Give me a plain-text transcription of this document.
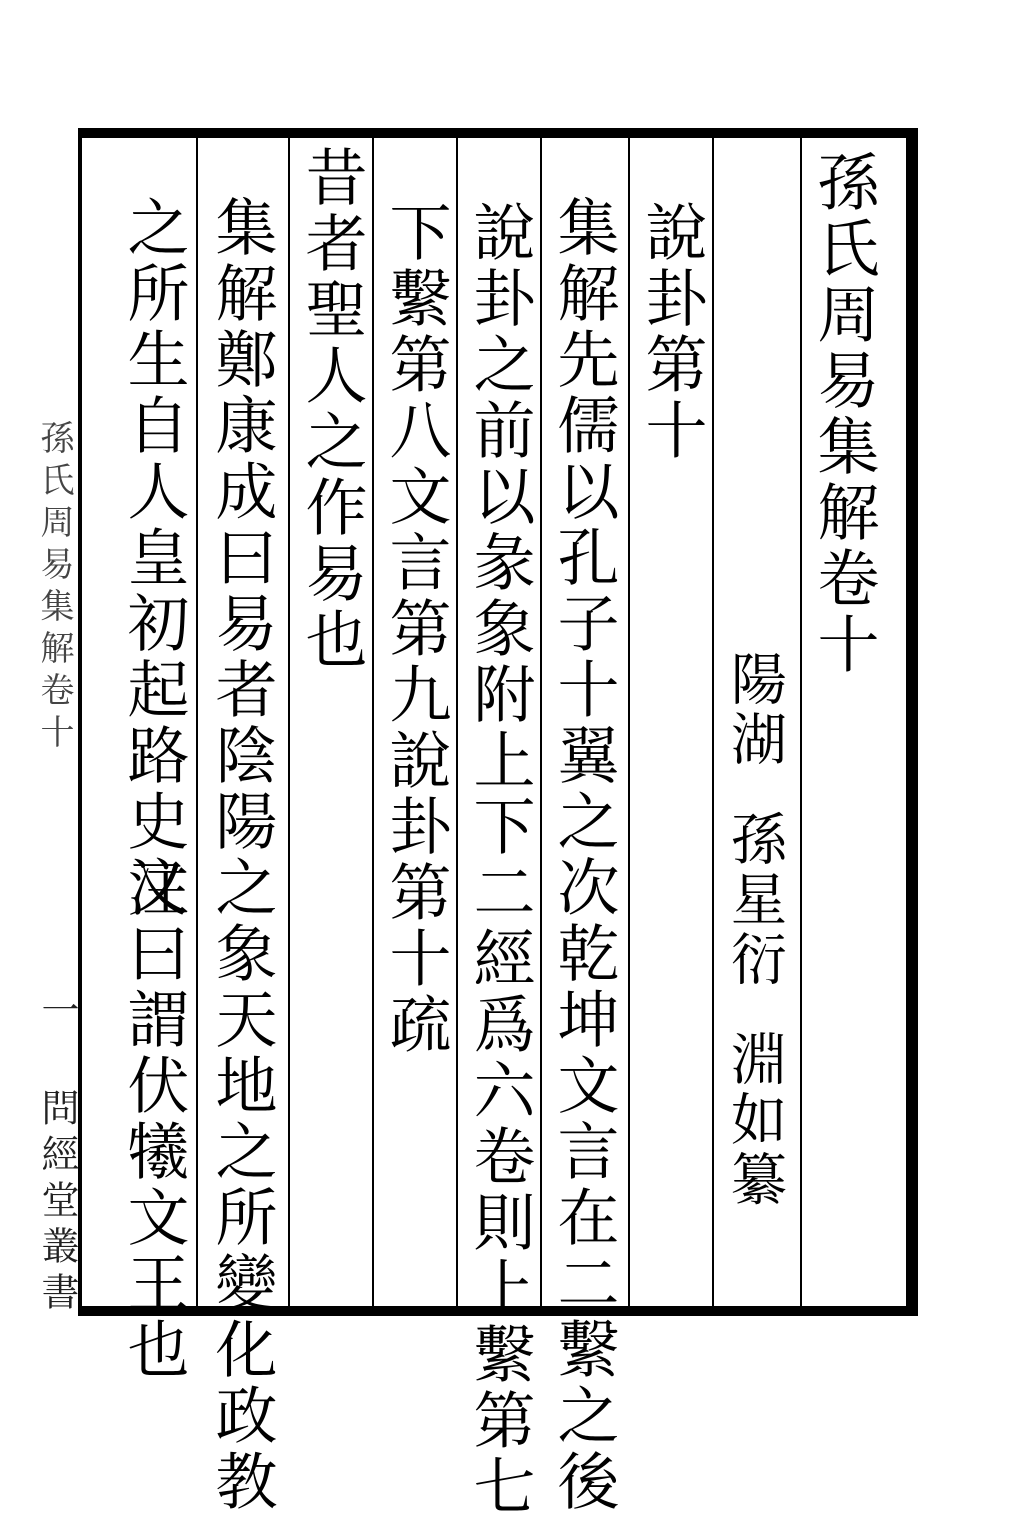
孫氏周易集解卷十
陽湖孫星衍淵如纂
說卦第十
集解先儒以孔子十翼之次乾坤文言在二繫之後
說卦之前以彖象附上下二經爲六卷則上繫第七
下繫第八文言第九說卦第十疏
昔者聖人之作易也
集解鄭康成曰易者陰陽之象天地之所變化政教
之所生自人皇初起路史注
又曰謂伏犧文王也
孫氏周易集解卷十
一 問經堂叢書
